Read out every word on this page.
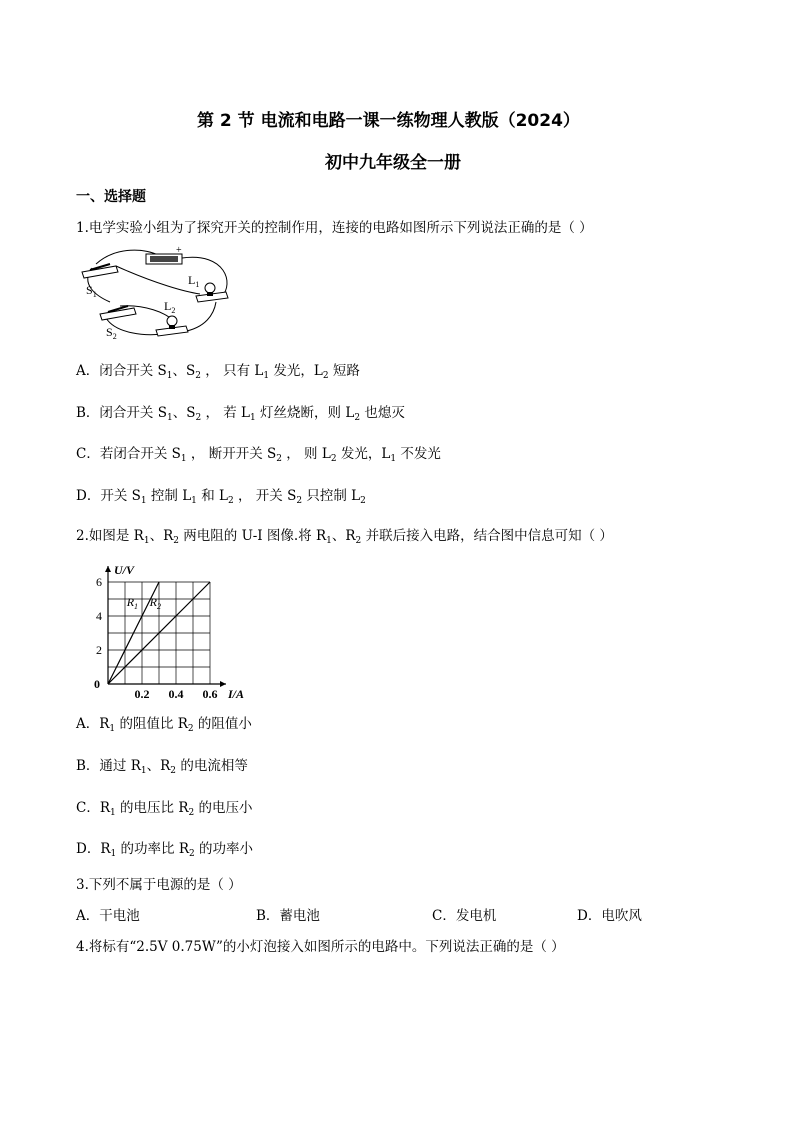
第 2 节 电流和电路一课一练物理人教版（2024）
初中九年级全一册
一、选择题
1.电学实验小组为了探究开关的控制作用，连接的电路如图所示下列说法正确的是（ ）
−	+
$S_1$
$S_2$
$L_1$
$L_2$
A．闭合开关 $S_1$、$S_2$ ， 只有 $L_1$ 发光，$L_2$ 短路
B．闭合开关 $S_1$、$S_2$ ， 若 $L_1$ 灯丝烧断，则 $L_2$ 也熄灭
C．若闭合开关 $S_1$ ， 断开开关 $S_2$ ， 则 $L_2$ 发光，$L_1$ 不发光
D．开关 $S_1$ 控制 $L_1$ 和 $L_2$ ， 开关 $S_2$ 只控制 $L_2$
2.如图是 $R_1$、$R_2$ 两电阻的 U-I 图像.将 $R_1$、$R_2$ 并联后接入电路，结合图中信息可知（ ）
$R_1$ $R_2$
2
4
6
0.2 0.4 0.6
0
U/V
I/A
A．$R_1$ 的阻值比 $R_2$ 的阻值小
B．通过 $R_1$、$R_2$ 的电流相等
C．$R_1$ 的电压比 $R_2$ 的电压小
D．$R_1$ 的功率比 $R_2$ 的功率小
3.下列不属于电源的是（ ）
A．干电池	B．蓄电池	C．发电机	D．电吹风
4.将标有“2.5V 0.75W”的小灯泡接入如图所示的电路中。下列说法正确的是（ ）
